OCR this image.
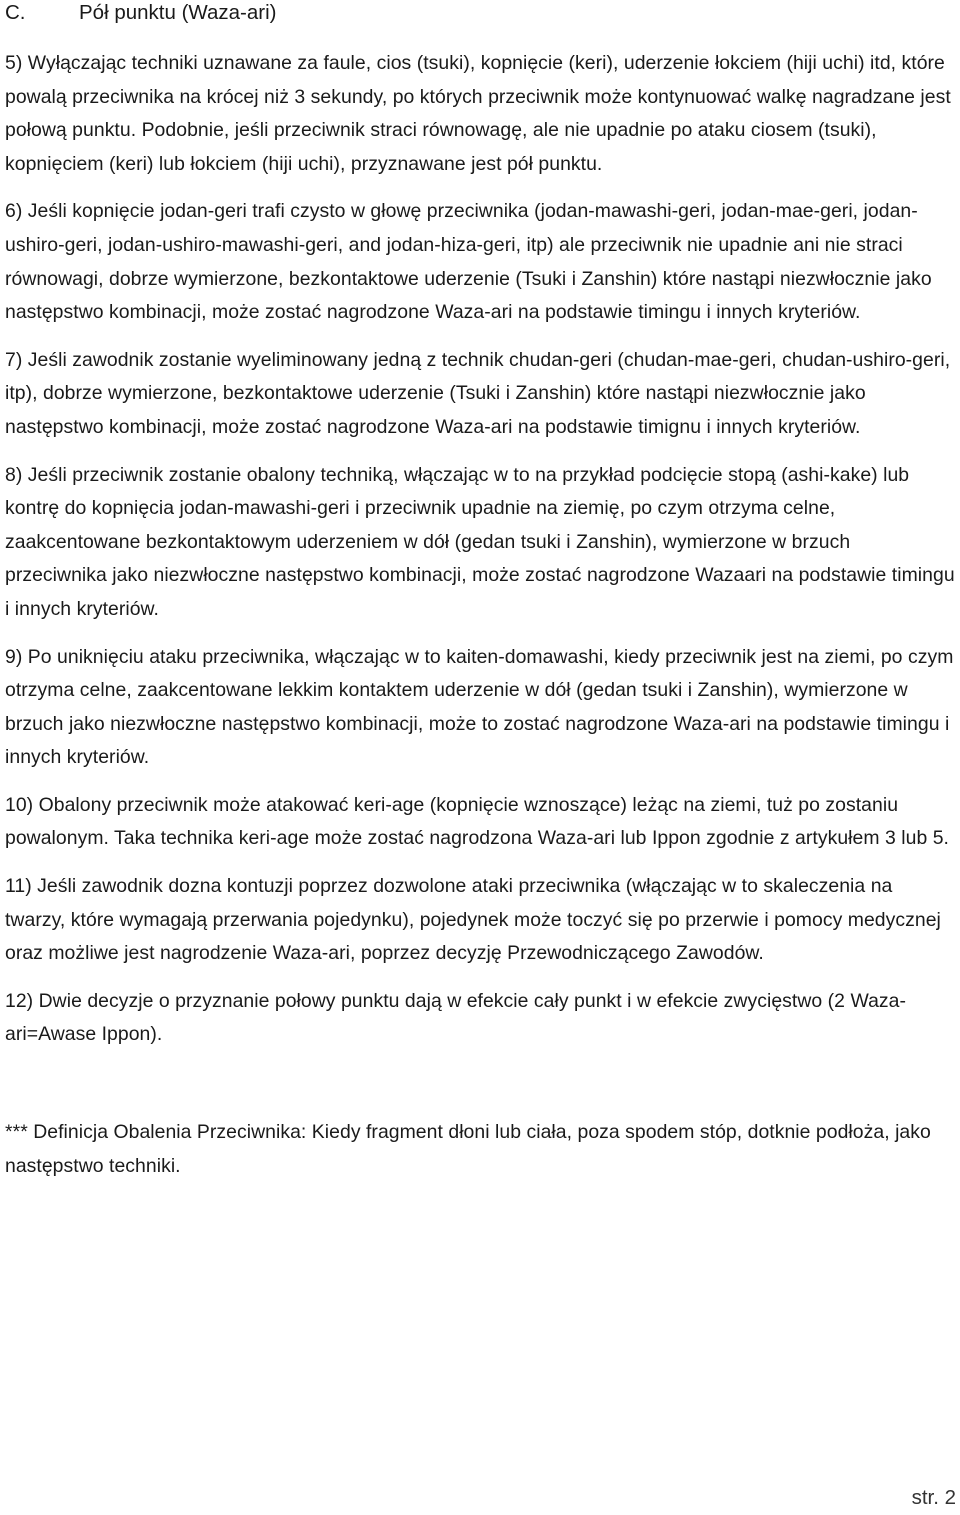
C.	Pół punktu (Waza-ari)

5) Wyłączając techniki uznawane za faule, cios (tsuki), kopnięcie (keri), uderzenie łokciem (hiji uchi) itd, które powalą przeciwnika na krócej niż 3 sekundy, po których przeciwnik może kontynuować walkę nagradzane jest połową punktu. Podobnie, jeśli przeciwnik straci równowagę, ale nie upadnie po ataku ciosem (tsuki), kopnięciem (keri) lub łokciem (hiji uchi), przyznawane jest pół punktu.

6) Jeśli kopnięcie jodan-geri trafi czysto w głowę przeciwnika (jodan-mawashi-geri, jodan-mae-geri, jodan-ushiro-geri, jodan-ushiro-mawashi-geri, and jodan-hiza-geri, itp) ale przeciwnik nie upadnie ani nie straci równowagi, dobrze wymierzone, bezkontaktowe uderzenie (Tsuki i Zanshin) które nastąpi niezwłocznie jako następstwo kombinacji, może zostać nagrodzone Waza-ari na podstawie timingu i innych kryteriów.

7) Jeśli zawodnik zostanie wyeliminowany jedną z technik chudan-geri (chudan-mae-geri, chudan-ushiro-geri, itp), dobrze wymierzone, bezkontaktowe uderzenie (Tsuki i Zanshin) które nastąpi niezwłocznie jako następstwo kombinacji, może zostać nagrodzone Waza-ari na podstawie timignu i innych kryteriów.

8) Jeśli przeciwnik zostanie obalony techniką, włączając w to na przykład podcięcie stopą (ashi-kake) lub kontrę do kopnięcia jodan-mawashi-geri i przeciwnik upadnie na ziemię, po czym otrzyma celne, zaakcentowane bezkontaktowym uderzeniem w dół (gedan tsuki i Zanshin), wymierzone w brzuch przeciwnika jako niezwłoczne następstwo kombinacji, może zostać nagrodzone Wazaari na podstawie timingu i innych kryteriów.

9) Po uniknięciu ataku przeciwnika, włączając w to kaiten-domawashi, kiedy przeciwnik jest na ziemi, po czym otrzyma celne, zaakcentowane lekkim kontaktem uderzenie w dół (gedan tsuki i Zanshin), wymierzone w brzuch jako niezwłoczne następstwo kombinacji, może to zostać nagrodzone Waza-ari na podstawie timingu i innych kryteriów.

10) Obalony przeciwnik może atakować keri-age (kopnięcie wznoszące) leżąc na ziemi, tuż po zostaniu powalonym. Taka technika keri-age może zostać nagrodzona Waza-ari lub Ippon zgodnie z artykułem 3 lub 5.

11) Jeśli zawodnik dozna kontuzji poprzez dozwolone ataki przeciwnika (włączając w to skaleczenia na twarzy, które wymagają przerwania pojedynku), pojedynek może toczyć się po przerwie i pomocy medycznej oraz możliwe jest nagrodzenie Waza-ari, poprzez decyzję Przewodniczącego Zawodów.

12) Dwie decyzje o przyznanie połowy punktu dają w efekcie cały punkt i w efekcie zwycięstwo (2 Waza-ari=Awase Ippon).

*** Definicja Obalenia Przeciwnika: Kiedy fragment dłoni lub ciała, poza spodem stóp, dotknie podłoża, jako następstwo techniki.

str. 2
